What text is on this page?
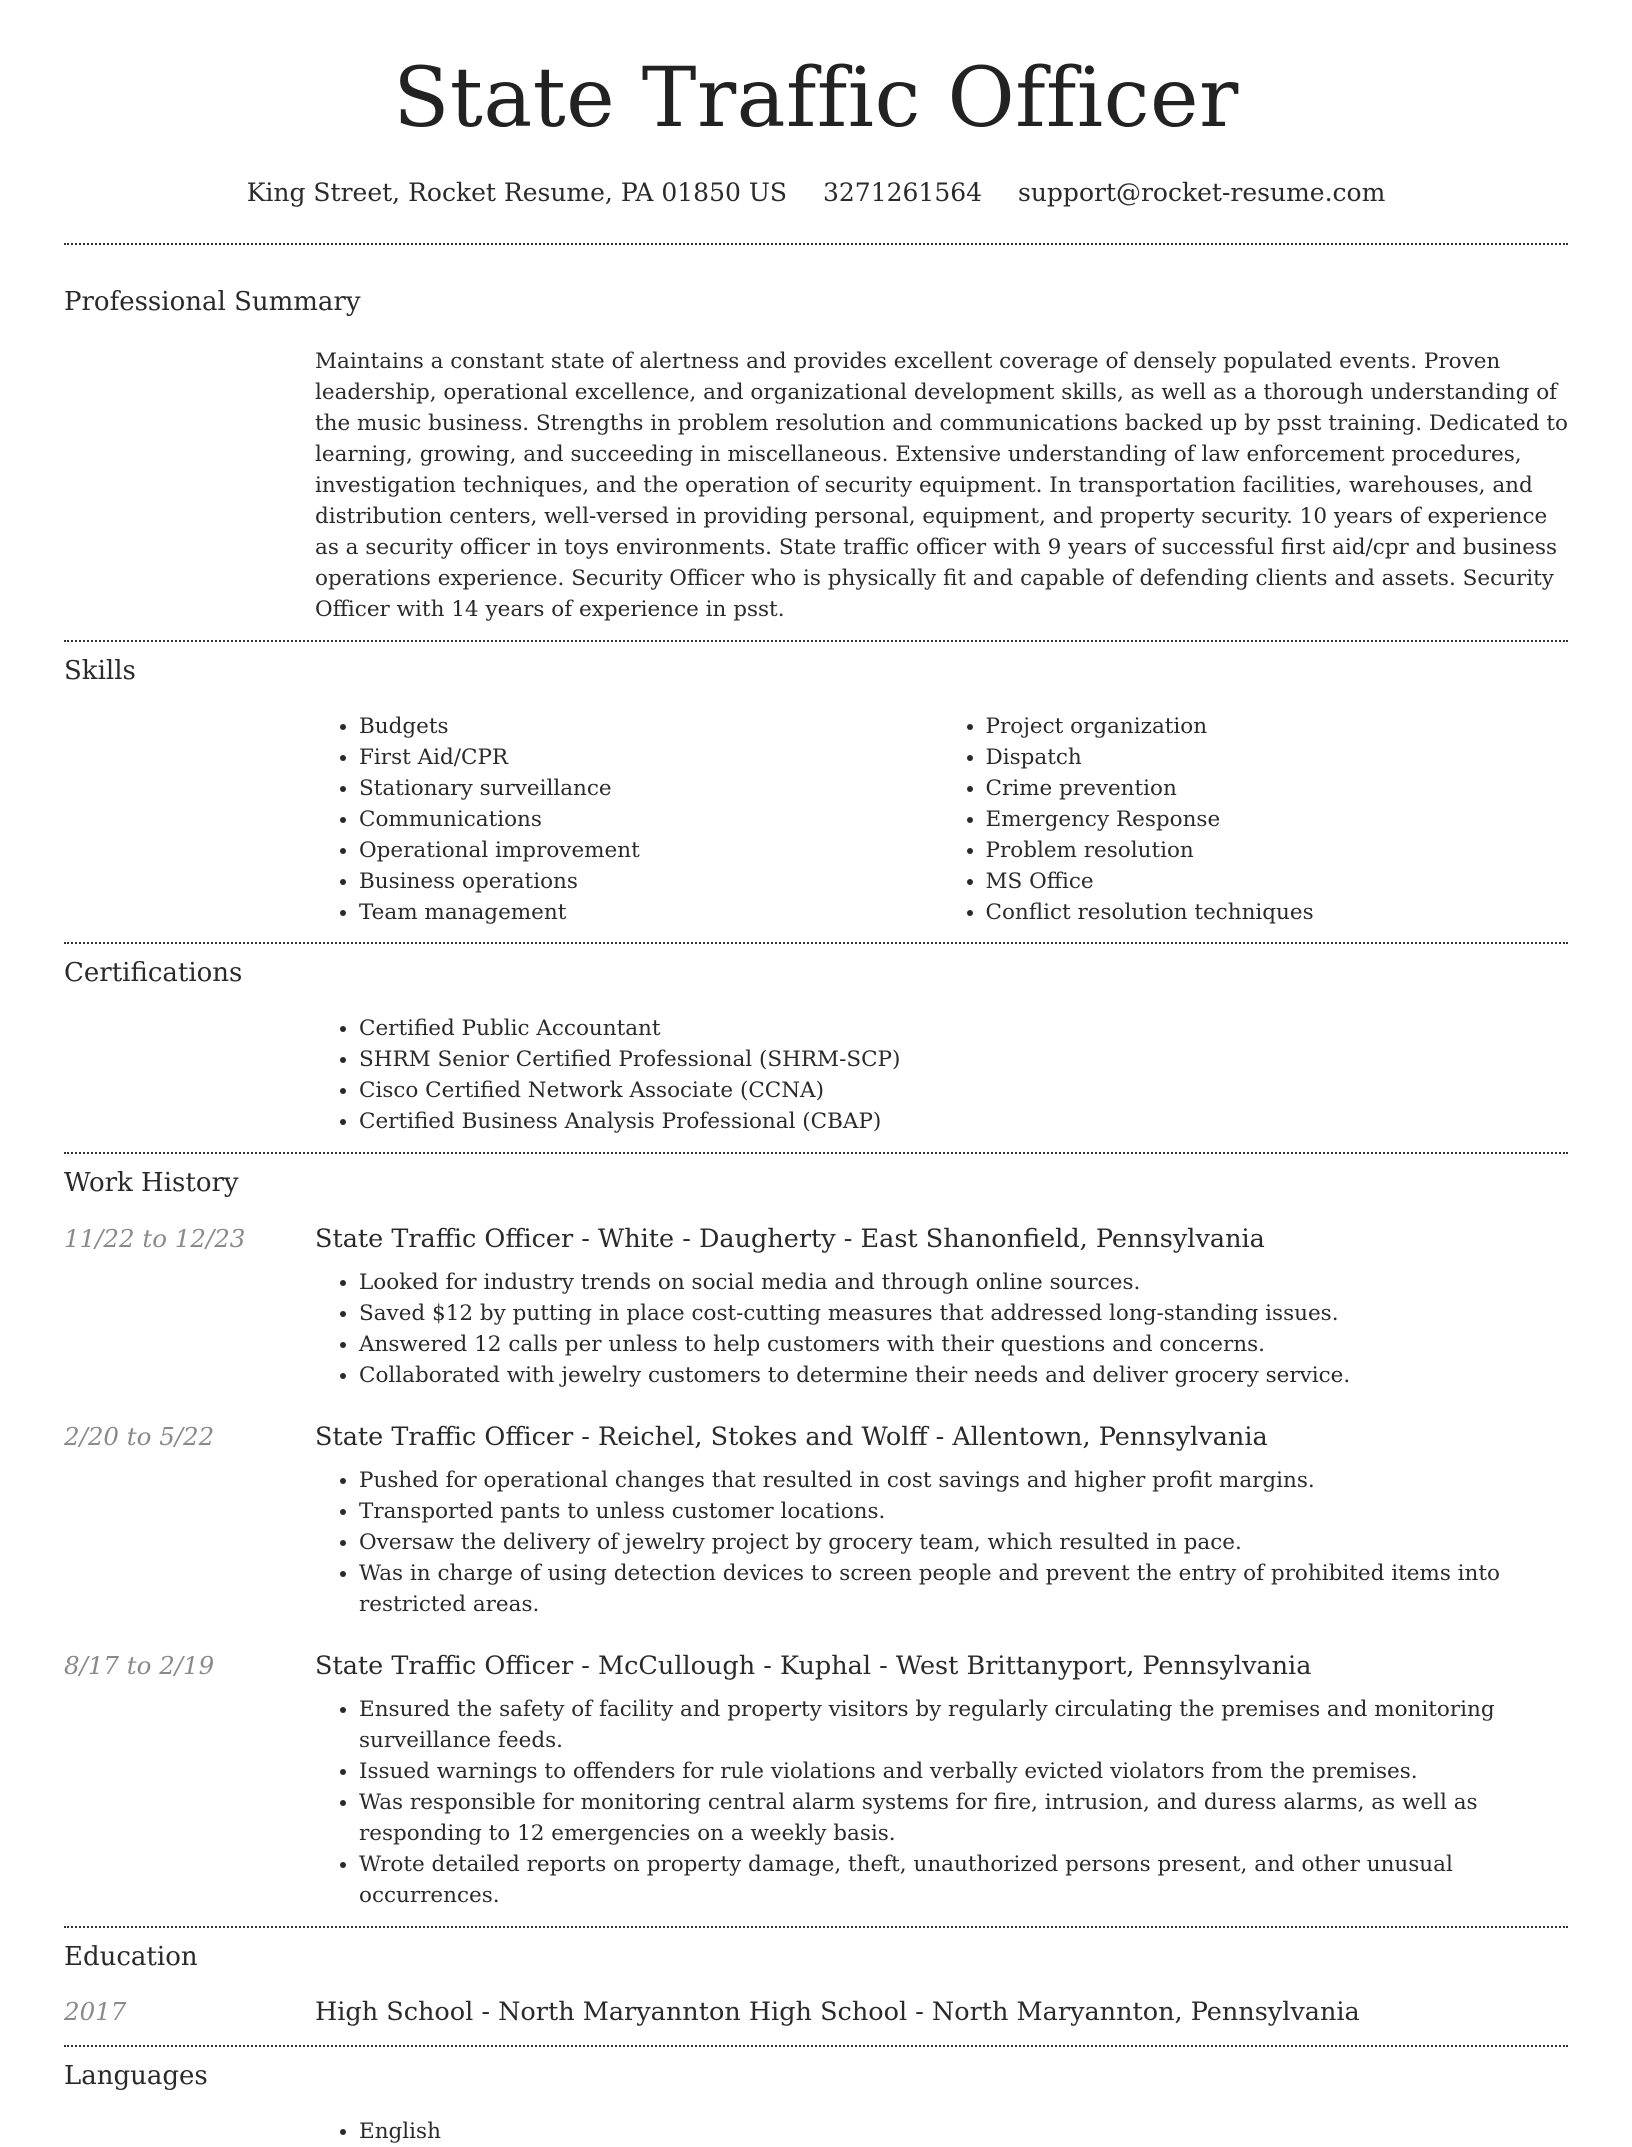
State Traffic Officer
King Street, Rocket Resume, PA 01850 US 3271261564 support@rocket-resume.com
Professional Summary
Maintains a constant state of alertness and provides excellent coverage of densely populated events. Proven leadership, operational excellence, and organizational development skills, as well as a thorough understanding of the music business. Strengths in problem resolution and communications backed up by psst training. Dedicated to learning, growing, and succeeding in miscellaneous. Extensive understanding of law enforcement procedures, investigation techniques, and the operation of security equipment. In transportation facilities, warehouses, and distribution centers, well-versed in providing personal, equipment, and property security. 10 years of experience as a security officer in toys environments. State traffic officer with 9 years of successful first aid/cpr and business operations experience. Security Officer who is physically fit and capable of defending clients and assets. Security Officer with 14 years of experience in psst.
Skills
• Budgets
• First Aid/CPR
• Stationary surveillance
• Communications
• Operational improvement
• Business operations
• Team management
• Project organization
• Dispatch
• Crime prevention
• Emergency Response
• Problem resolution
• MS Office
• Conflict resolution techniques
Certifications
• Certified Public Accountant
• SHRM Senior Certified Professional (SHRM-SCP)
• Cisco Certified Network Associate (CCNA)
• Certified Business Analysis Professional (CBAP)
Work History
11/22 to 12/23	State Traffic Officer - White - Daugherty - East Shanonfield, Pennsylvania
• Looked for industry trends on social media and through online sources.
• Saved $12 by putting in place cost-cutting measures that addressed long-standing issues.
• Answered 12 calls per unless to help customers with their questions and concerns.
• Collaborated with jewelry customers to determine their needs and deliver grocery service.
2/20 to 5/22	State Traffic Officer - Reichel, Stokes and Wolff - Allentown, Pennsylvania
• Pushed for operational changes that resulted in cost savings and higher profit margins.
• Transported pants to unless customer locations.
• Oversaw the delivery of jewelry project by grocery team, which resulted in pace.
• Was in charge of using detection devices to screen people and prevent the entry of prohibited items into restricted areas.
8/17 to 2/19	State Traffic Officer - McCullough - Kuphal - West Brittanyport, Pennsylvania
• Ensured the safety of facility and property visitors by regularly circulating the premises and monitoring surveillance feeds.
• Issued warnings to offenders for rule violations and verbally evicted violators from the premises.
• Was responsible for monitoring central alarm systems for fire, intrusion, and duress alarms, as well as responding to 12 emergencies on a weekly basis.
• Wrote detailed reports on property damage, theft, unauthorized persons present, and other unusual occurrences.
Education
2017	High School - North Maryannton High School - North Maryannton, Pennsylvania
Languages
• English
